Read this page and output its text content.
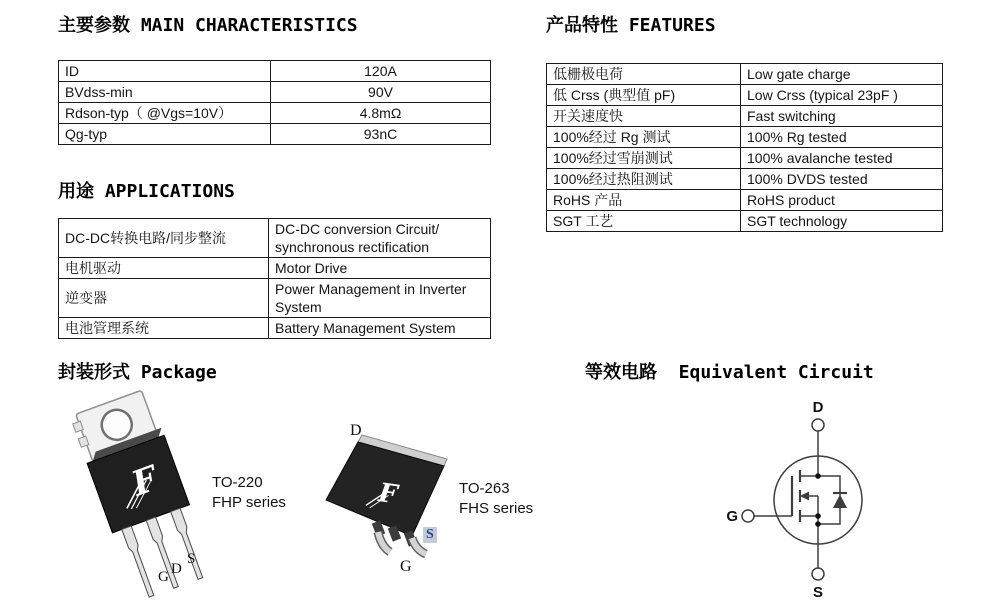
主要参数 MAIN CHARACTERISTICS
ID	120A
BVdss-min	90V
Rdson-typ（ @Vgs=10V）	4.8mΩ
Qg-typ	93nC
产品特性 FEATURES
低栅极电荷	Low gate charge
低 Crss (典型值 pF)	Low Crss (typical 23pF )
开关速度快	Fast switching
100%经过 Rg 测试	100% Rg tested
100%经过雪崩测试	100% avalanche tested
100%经过热阻测试	100% DVDS tested
RoHS 产品	RoHS product
SGT 工艺	SGT technology
用途 APPLICATIONS
DC-DC转换电路/同步整流	DC-DC conversion Circuit/ synchronous rectification
电机驱动	Motor Drive
逆变器	Power Management in Inverter System
电池管理系统	Battery Management System
封装形式 Package
F
G D
S
TO-220
FHP series	F
D
G
S
TO-263
FHS series
等效电路  Equivalent Circuit
D
G
S
